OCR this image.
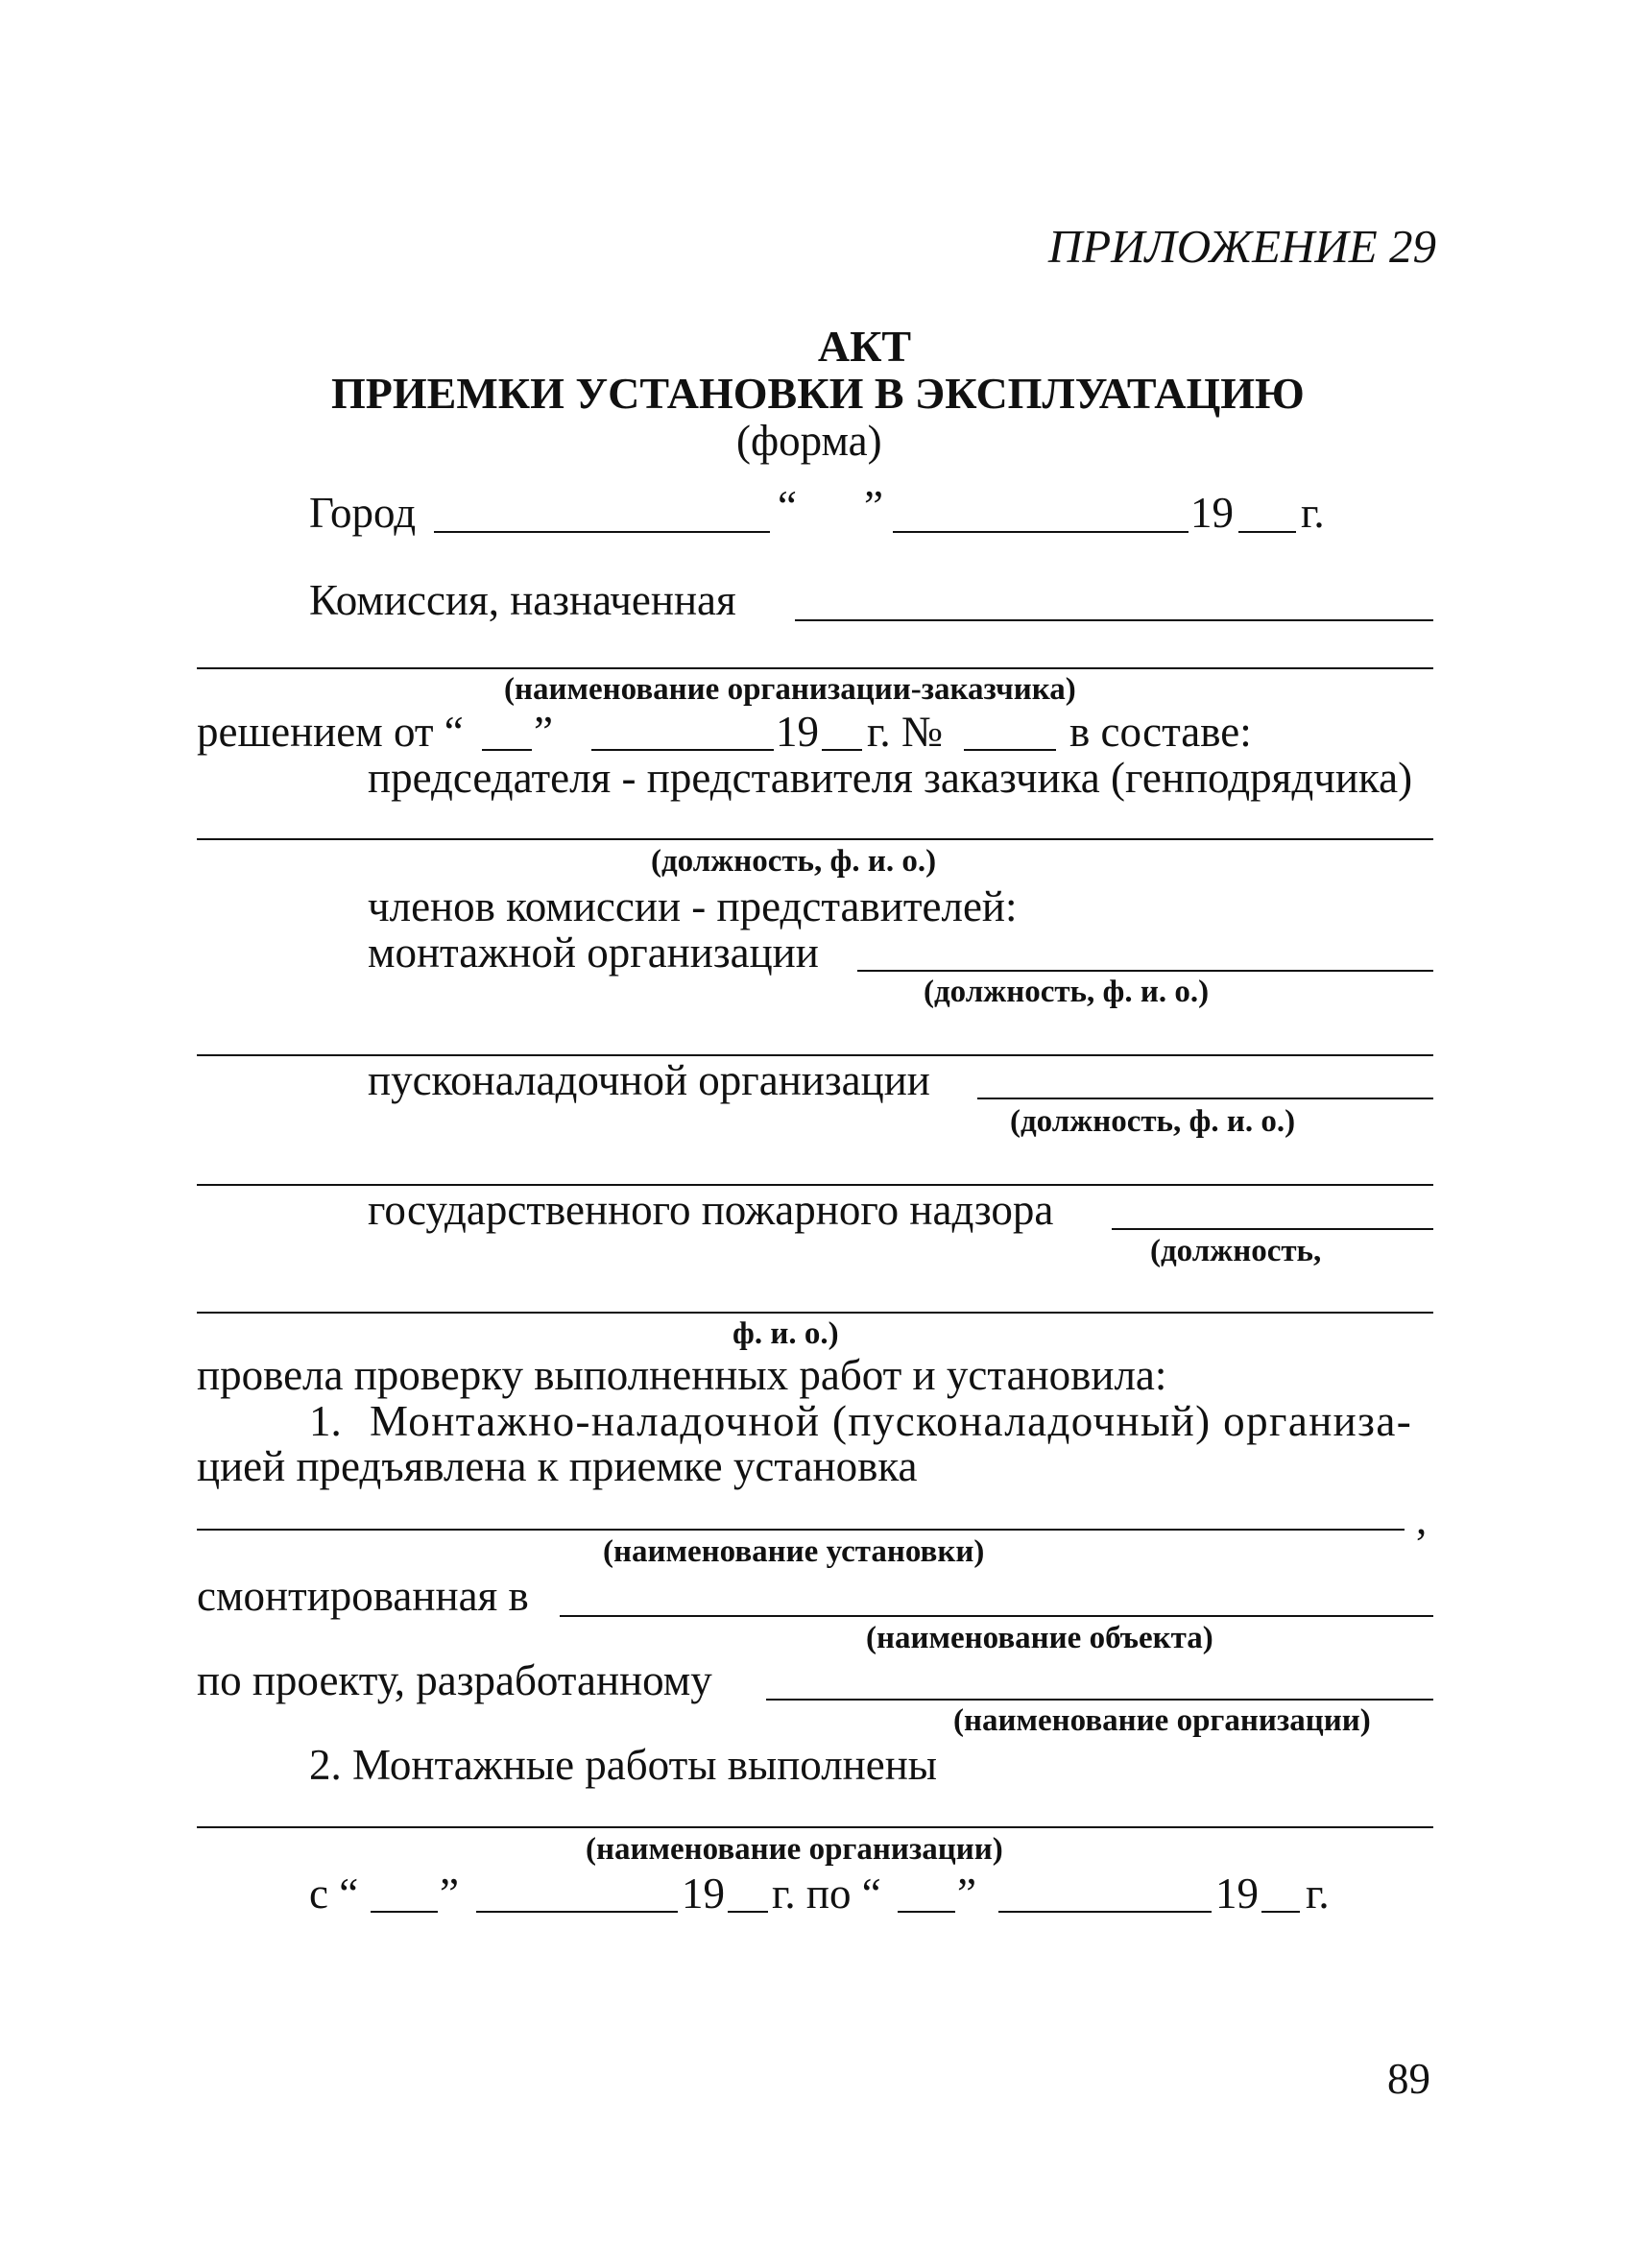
ПРИЛОЖЕНИЕ 29
АКТ
ПРИЕМКИ УСТАНОВКИ В ЭКСПЛУАТАЦИЮ
(форма)
Город	“ ”	19 г.
Комиссия, назначенная
(наименование организации-заказчика)
решением от “ ”	19 г. №	в составе:
председателя - представителя заказчика (генподрядчика)
(должность, ф. и. о.)
членов комиссии - представителей:
монтажной организации
(должность, ф. и. о.)
пусконаладочной организации
(должность, ф. и. о.)
государственного пожарного надзора
(должность,
ф. и. о.)
провела проверку выполненных работ и установила:
1. Монтажно-наладочной (пусконаладочный) организа-
цией предъявлена к приемке установка
,
(наименование установки)
смонтированная в
(наименование объекта)
по проекту, разработанному
(наименование организации)
2. Монтажные работы выполнены
(наименование организации)
с “ ”	19 г. по “ ”	19 г.
89
